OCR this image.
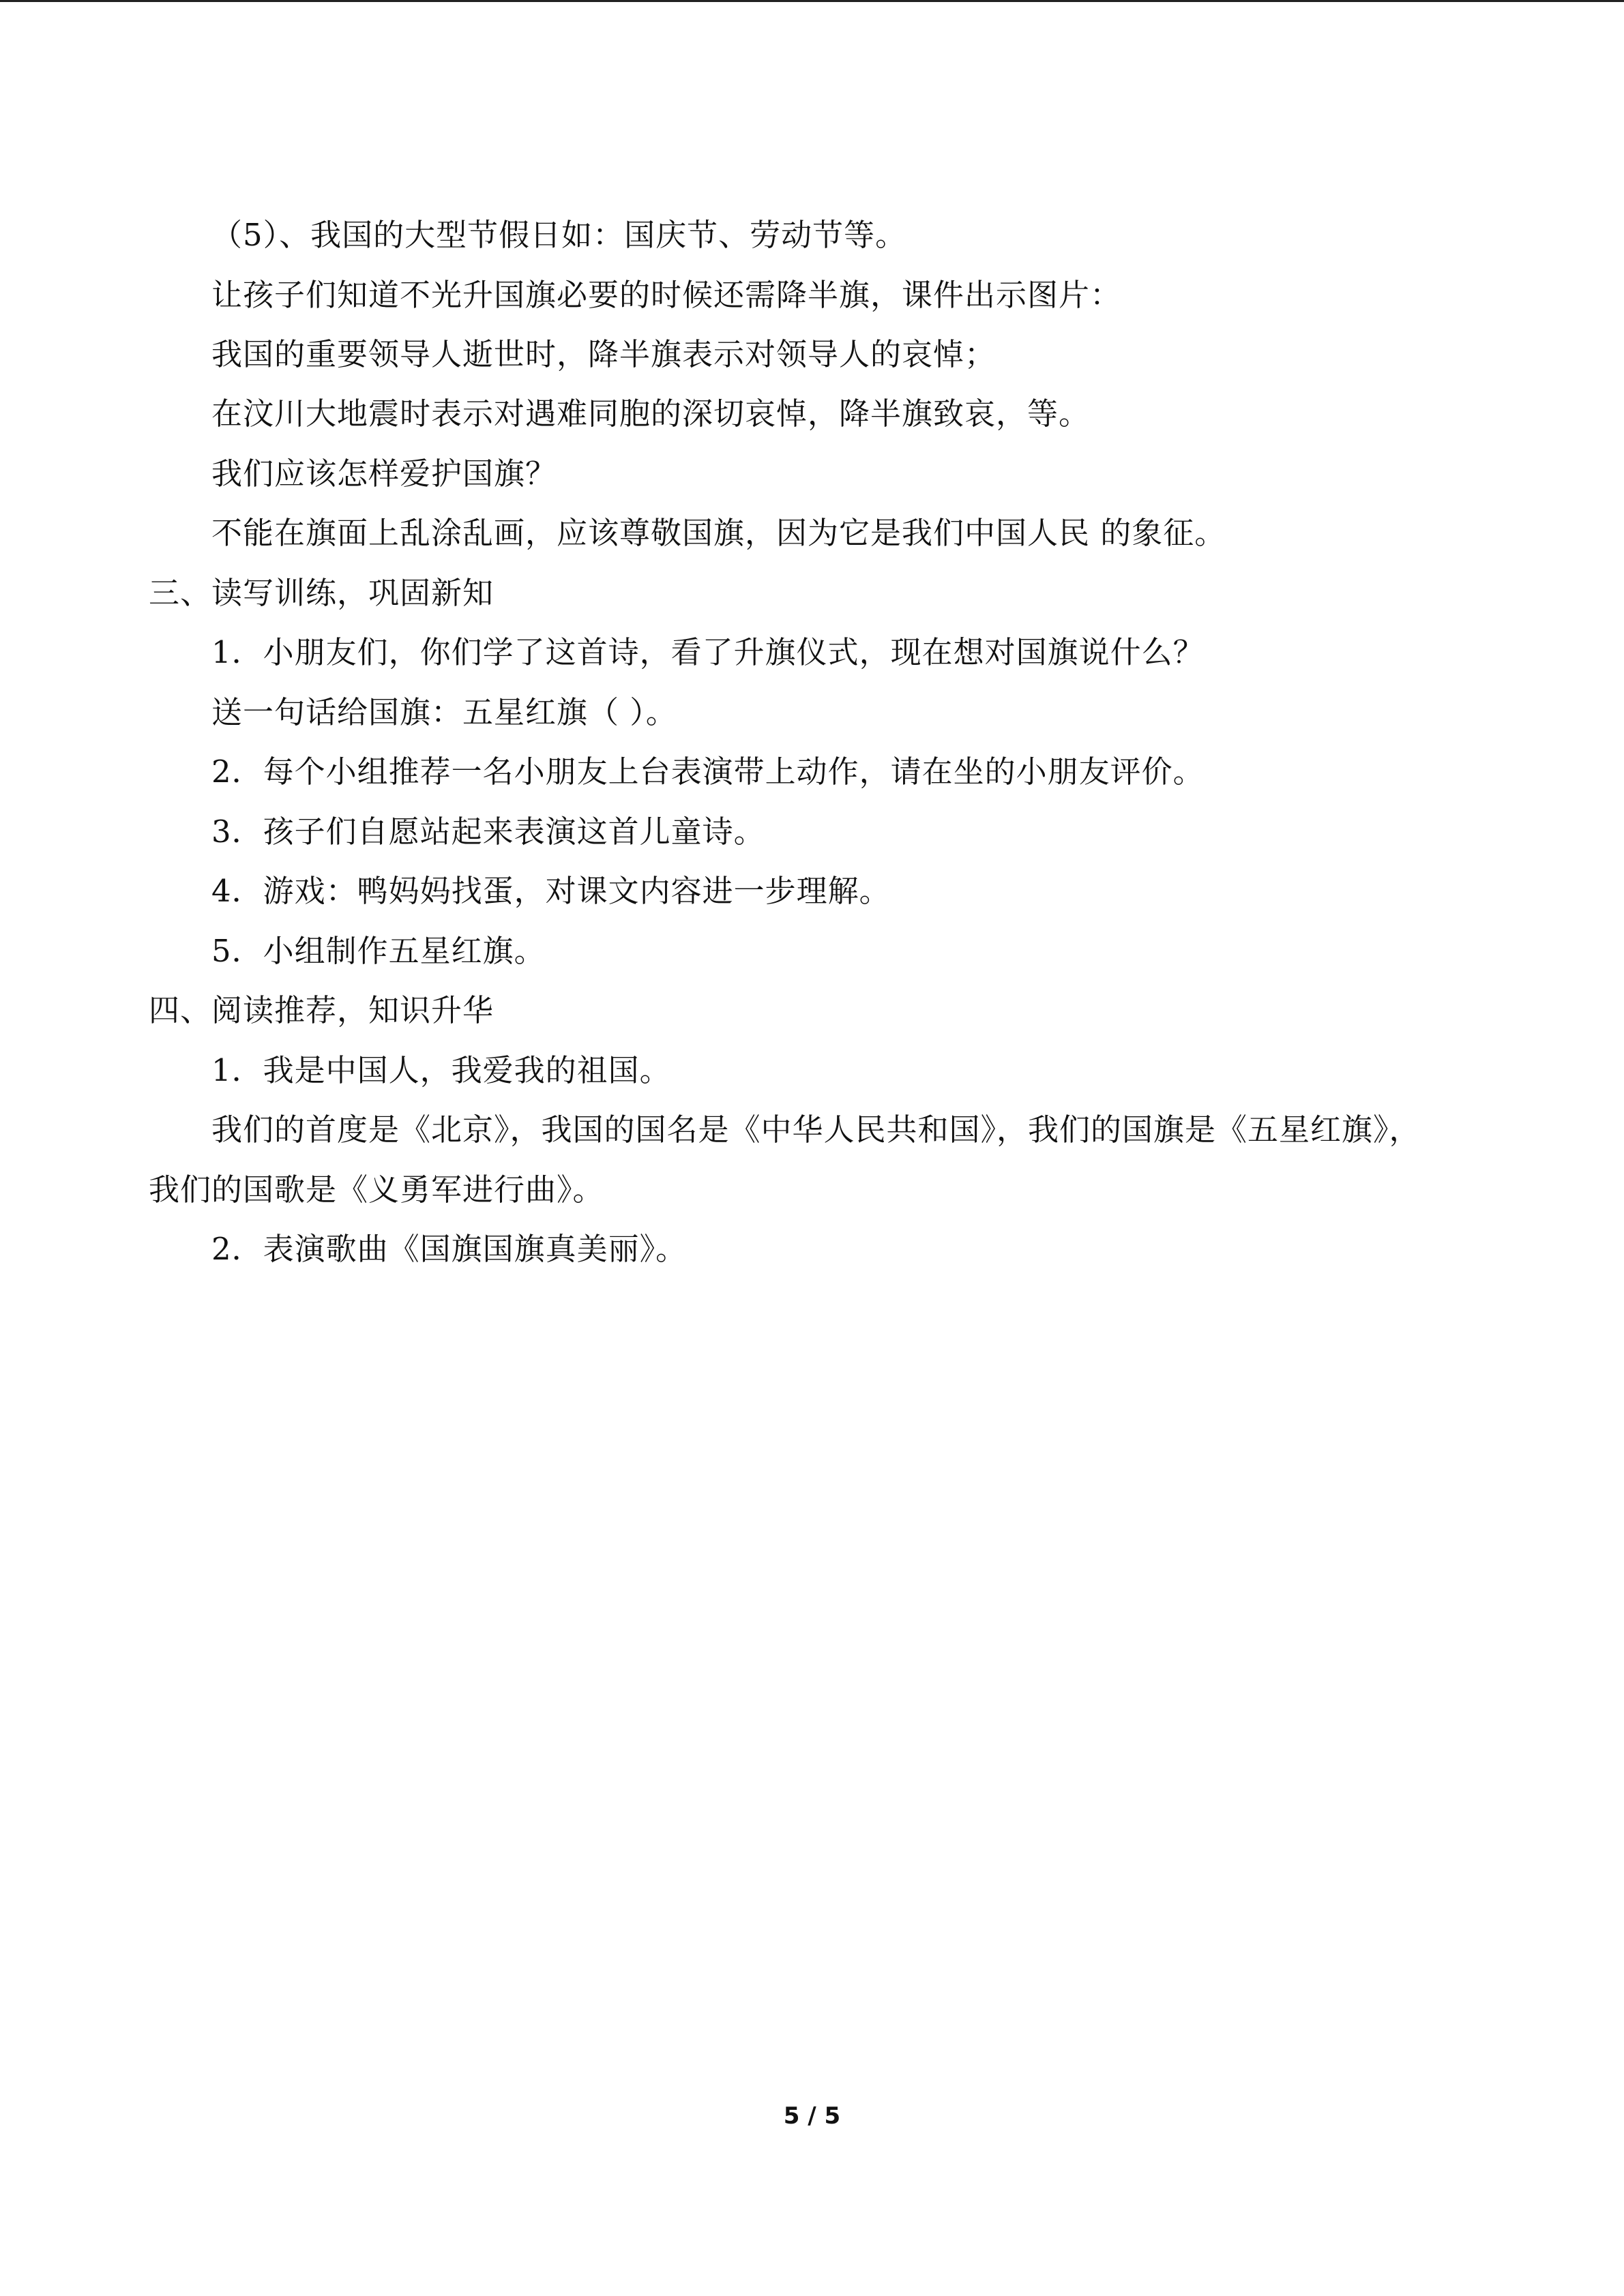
（5）、我国的大型节假日如：国庆节、劳动节等。
让孩子们知道不光升国旗必要的时候还需降半旗，课件出示图片：
我国的重要领导人逝世时，降半旗表示对领导人的哀悼；
在汶川大地震时表示对遇难同胞的深切哀悼，降半旗致哀，等。
我们应该怎样爱护国旗？
不能在旗面上乱涂乱画，应该尊敬国旗，因为它是我们中国人民 的象征。
三、读写训练，巩固新知
1．小朋友们，你们学了这首诗，看了升旗仪式，现在想对国旗说什么？
送一句话给国旗：五星红旗（ ）。
2．每个小组推荐一名小朋友上台表演带上动作，请在坐的小朋友评价。
3．孩子们自愿站起来表演这首儿童诗。
4．游戏：鸭妈妈找蛋，对课文内容进一步理解。
5．小组制作五星红旗。
四、阅读推荐，知识升华
1．我是中国人，我爱我的祖国。
我们的首度是《北京》，我国的国名是《中华人民共和国》，我们的国旗是《五星红旗》，
我们的国歌是《义勇军进行曲》。
2．表演歌曲《国旗国旗真美丽》。
5 / 5
